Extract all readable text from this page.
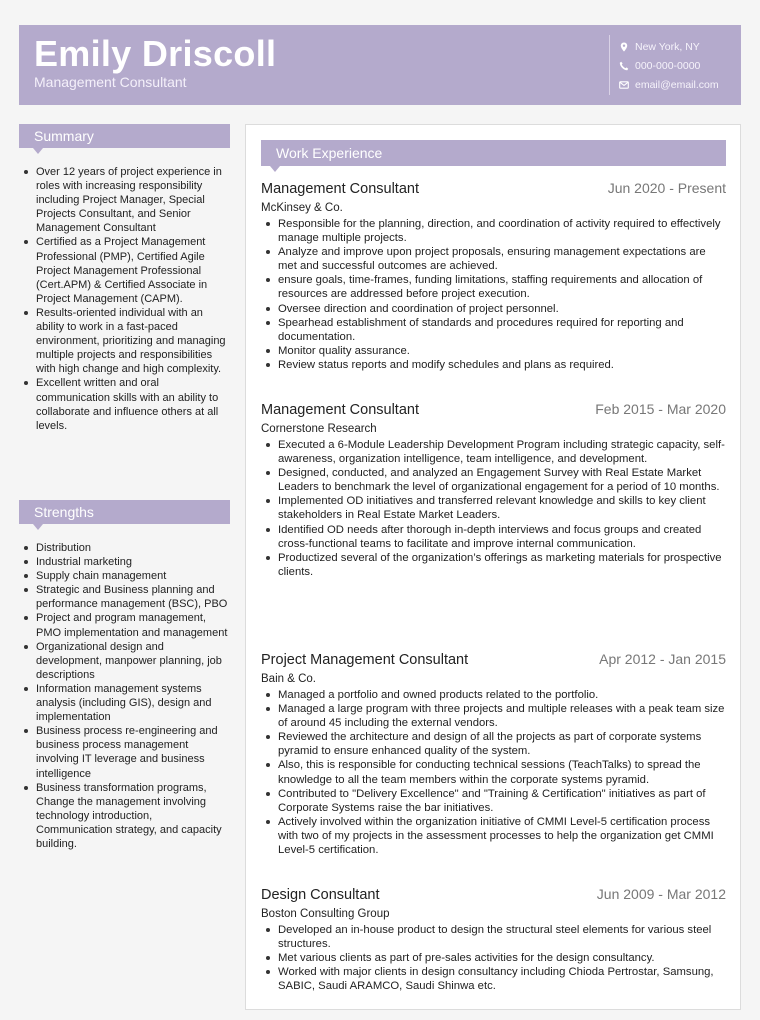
Emily Driscoll
Management Consultant
New York, NY
000-000-0000
email@email.com
Summary
Over 12 years of project experience in roles with increasing responsibility including Project Manager, Special Projects Consultant, and Senior Management Consultant
Certified as a Project Management Professional (PMP), Certified Agile Project Management Professional (Cert.APM) & Certified Associate in Project Management (CAPM).
Results-oriented individual with an ability to work in a fast-paced environment, prioritizing and managing multiple projects and responsibilities with high change and high complexity.
Excellent written and oral communication skills with an ability to collaborate and influence others at all levels.
Strengths
Distribution
Industrial marketing
Supply chain management
Strategic and Business planning and performance management (BSC), PBO
Project and program management, PMO implementation and management
Organizational design and development, manpower planning, job descriptions
Information management systems analysis (including GIS), design and implementation
Business process re-engineering and business process management involving IT leverage and business intelligence
Business transformation programs, Change the management involving technology introduction, Communication strategy, and capacity building.
Work Experience
Management Consultant	Jun 2020 - Present
McKinsey & Co.
Responsible for the planning, direction, and coordination of activity required to effectively manage multiple projects.
Analyze and improve upon project proposals, ensuring management expectations are met and successful outcomes are achieved.
ensure goals, time-frames, funding limitations, staffing requirements and allocation of resources are addressed before project execution.
Oversee direction and coordination of project personnel.
Spearhead establishment of standards and procedures required for reporting and documentation.
Monitor quality assurance.
Review status reports and modify schedules and plans as required.
Management Consultant	Feb 2015 - Mar 2020
Cornerstone Research
Executed a 6-Module Leadership Development Program including strategic capacity, self-awareness, organization intelligence, team intelligence, and development.
Designed, conducted, and analyzed an Engagement Survey with Real Estate Market Leaders to benchmark the level of organizational engagement for a period of 10 months.
Implemented OD initiatives and transferred relevant knowledge and skills to key client stakeholders in Real Estate Market Leaders.
Identified OD needs after thorough in-depth interviews and focus groups and created cross-functional teams to facilitate and improve internal communication.
Productized several of the organization’s offerings as marketing materials for prospective clients.
Project Management Consultant	Apr 2012 - Jan 2015
Bain & Co.
Managed a portfolio and owned products related to the portfolio.
Managed a large program with three projects and multiple releases with a peak team size of around 45 including the external vendors.
Reviewed the architecture and design of all the projects as part of corporate systems pyramid to ensure enhanced quality of the system.
Also, this is responsible for conducting technical sessions (TeachTalks) to spread the knowledge to all the team members within the corporate systems pyramid.
Contributed to "Delivery Excellence" and "Training & Certification" initiatives as part of Corporate Systems raise the bar initiatives.
Actively involved within the organization initiative of CMMI Level-5 certification process with two of my projects in the assessment processes to help the organization get CMMI Level-5 certification.
Design Consultant	Jun 2009 - Mar 2012
Boston Consulting Group
Developed an in-house product to design the structural steel elements for various steel structures.
Met various clients as part of pre-sales activities for the design consultancy.
Worked with major clients in design consultancy including Chioda Pertrostar, Samsung, SABIC, Saudi ARAMCO, Saudi Shinwa etc.
